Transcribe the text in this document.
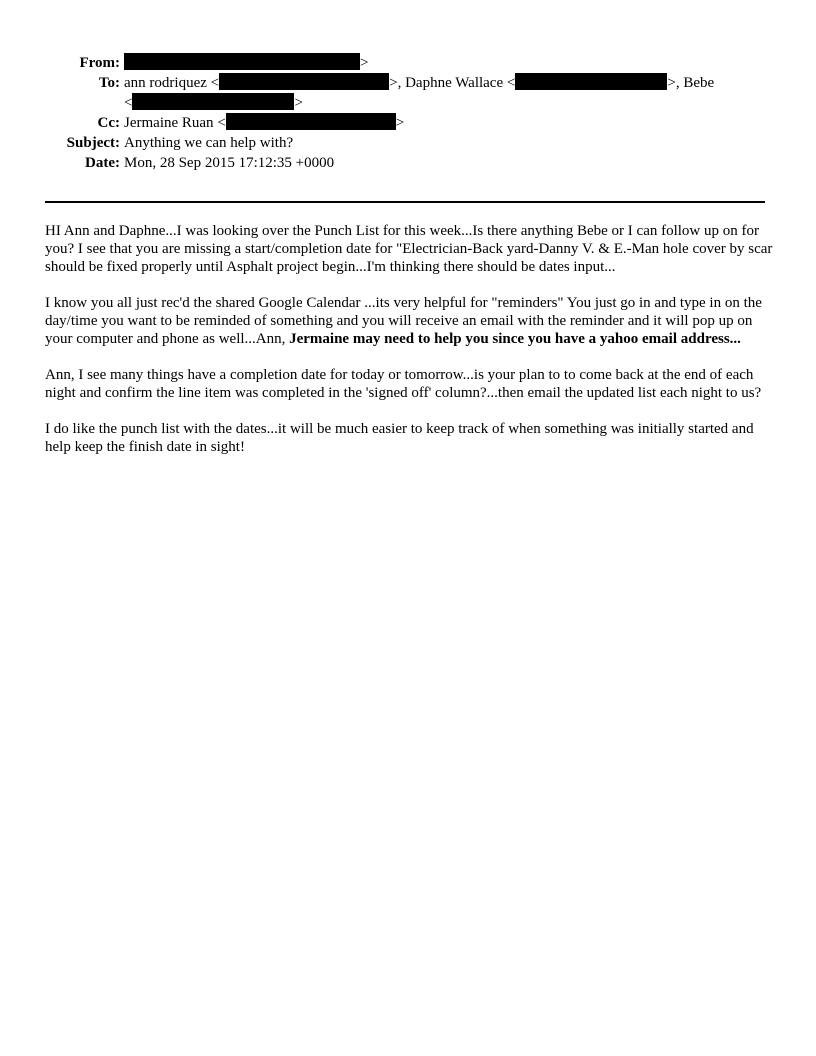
From:	>
To: ann rodriquez <	>, Daphne Wallace <	>, Bebe
<	>
Cc: Jermaine Ruan <	>
Subject: Anything we can help with?
Date: Mon, 28 Sep 2015 17:12:35 +0000

HI Ann and Daphne...I was looking over the Punch List for this week...Is there anything Bebe or I can follow up on for you? I see that you are missing a start/completion date for "Electrician-Back yard-Danny V. & E.-Man hole cover by scar should be fixed properly until Asphalt project begin...I'm thinking there should be dates input...

I know you all just rec'd the shared Google Calendar ...its very helpful for "reminders" You just go in and type in on the day/time you want to be reminded of something and you will receive an email with the reminder and it will pop up on your computer and phone as well...Ann, Jermaine may need to help you since you have a yahoo email address...

Ann, I see many things have a completion date for today or tomorrow...is your plan to to come back at the end of each night and confirm the line item was completed in the 'signed off' column?...then email the updated list each night to us?

I do like the punch list with the dates...it will be much easier to keep track of when something was initially started and help keep the finish date in sight!
